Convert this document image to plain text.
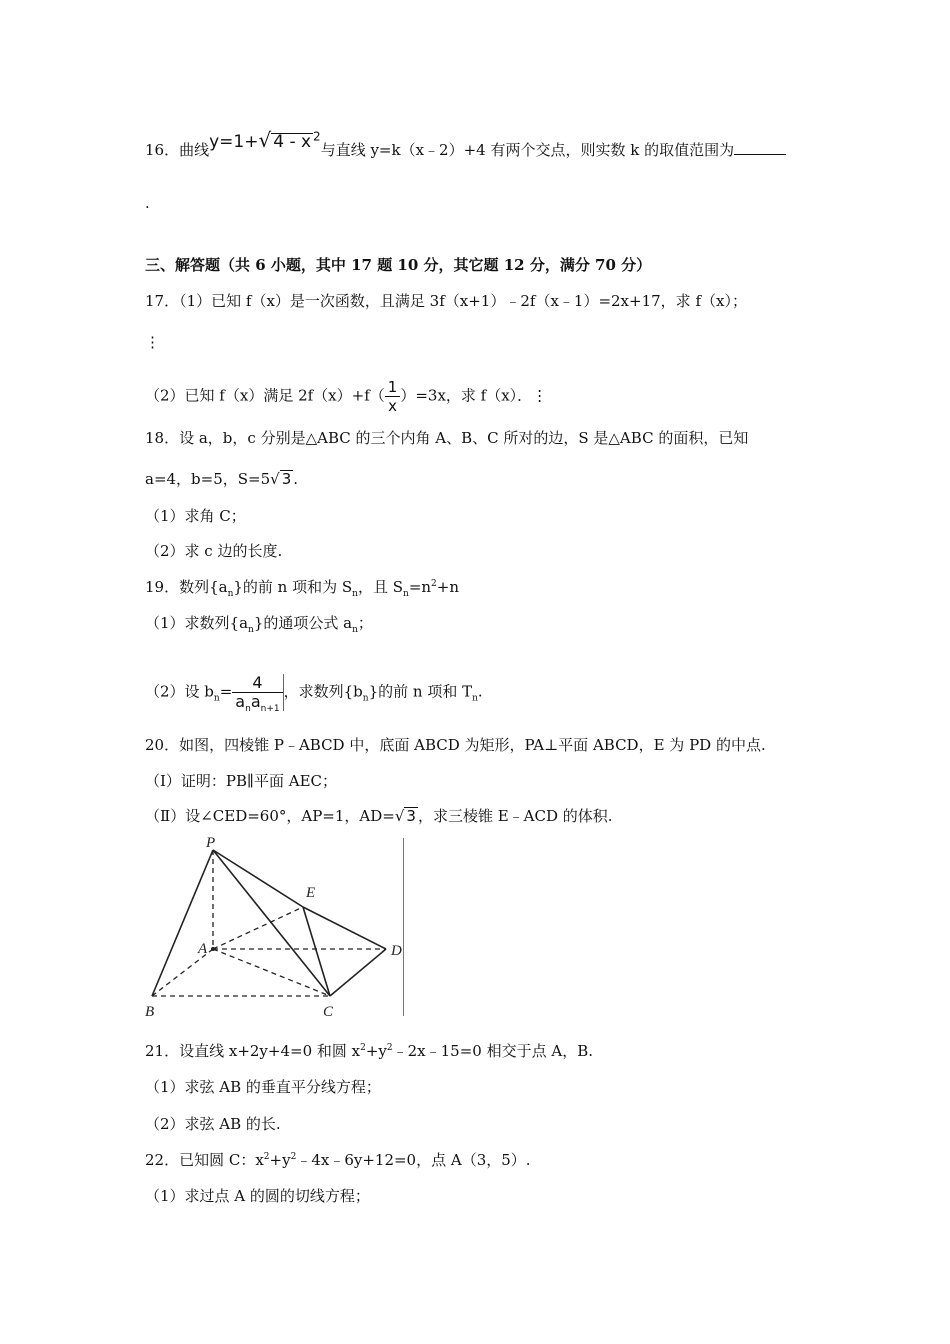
16．曲线y=1+√ 4 - x $^2$与直线 y=k（x﹣2）+4 有两个交点，则实数 k 的取值范围为
.
三、解答题（共 6 小题，其中 17 题 10 分，其它题 12 分，满分 70 分）
17．（1）已知 f（x）是一次函数，且满足 3f（x+1）﹣2f（x﹣1）=2x+17，求 f（x）；
⋮
（2）已知 f（x）满足 $2f(x)+f( \frac{1}{x} )=3x$，求 f（x）．⋮
18．设 a，b，c 分别是△ABC 的三个内角 A、B、C 所对的边，S 是△ABC 的面积，已知
a=4，b=5，S=5√ 3 .
（1）求角 C；
（2）求 c 边的长度.
19．数列$\{a_n\}$的前 n 项和为 $S_n$，且 $S_n=n^2+n$
（1）求数列$\{a_n\}$的通项公式 $a_n$；
（2）设 $b_n= \frac{4}{a_na_{n+1}}$ ，求数列$\{b_n\}$的前 n 项和 $T_n$.
20．如图，四棱锥 P﹣ABCD 中，底面 ABCD 为矩形，PA⊥平面 ABCD，E 为 PD 的中点.
（Ⅰ）证明：PB∥平面 AEC；
（Ⅱ）设∠CED=60°，AP=1，AD=√ 3 ，求三棱锥 E﹣ACD 的体积.
P
E
A	D
B	C
21．设直线 x+2y+4=0 和圆 $x^2+y^2﹣2x﹣15=0$ 相交于点 A，B.
（1）求弦 AB 的垂直平分线方程；
（2）求弦 AB 的长.
22．已知圆 C：$x^2+y^2﹣4x﹣6y+12=0$，点 A（3，5）.
（1）求过点 A 的圆的切线方程；
